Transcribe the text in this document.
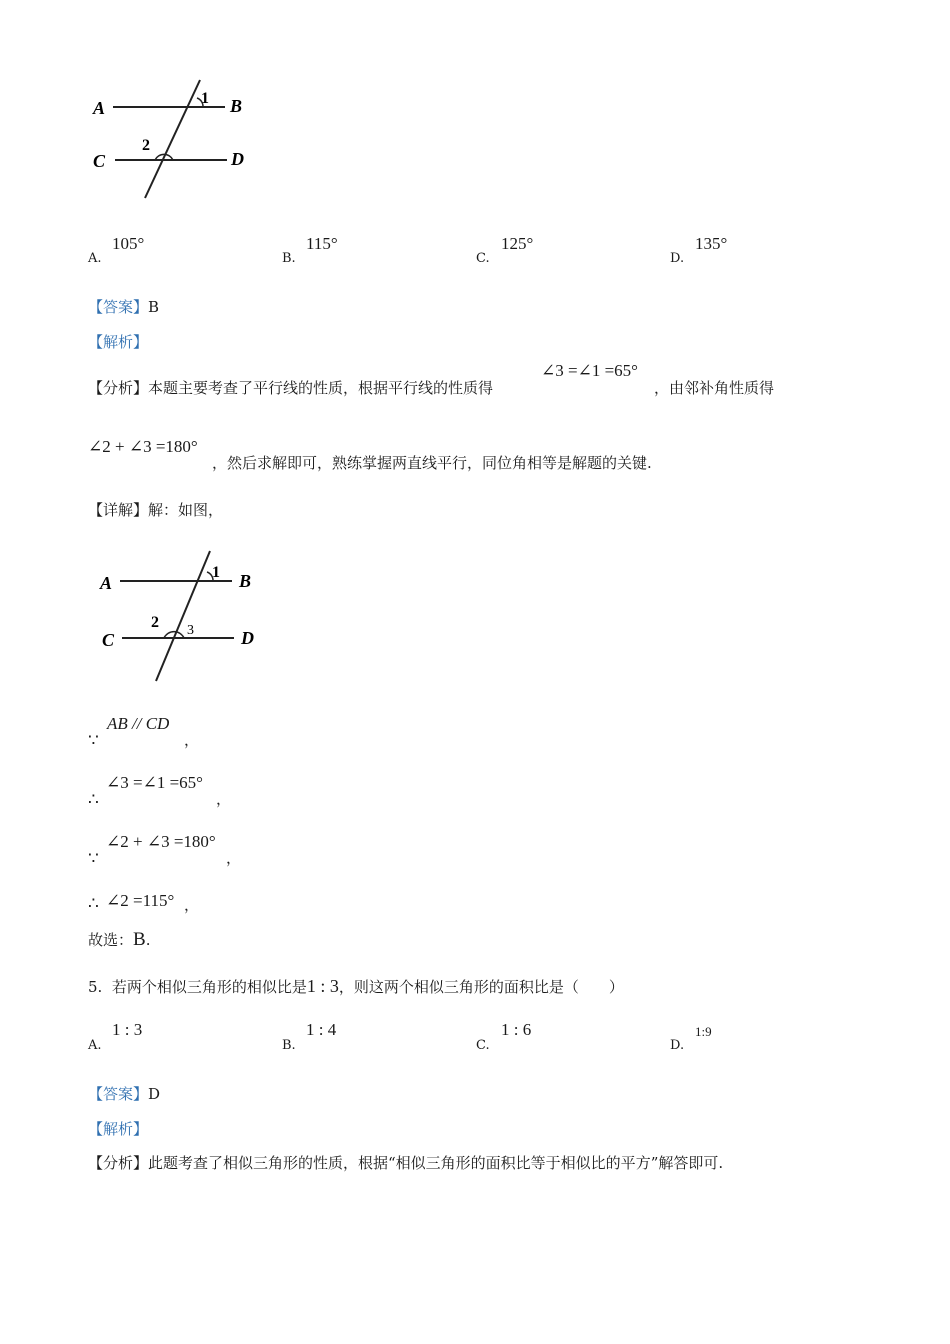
A	B
C	D
1
2
A.
105°
B.
115°
C.
125°
D.
135°
【答案】B
【解析】
【分析】本题主要考查了平行线的性质，根据平行线的性质得
∠3 =∠1 =65°
，由邻补角性质得
∠2 + ∠3 =180°
，然后求解即可，熟练掌握两直线平行，同位角相等是解题的关键.
【详解】解：如图，
A	B
C	D
1
2 3
∵
AB // CD
，
∴
∠3 =∠1 =65°
，
∵
∠2 + ∠3 =180°
，
∴ ∠2 =115° ，
故选：B.
5. 若两个相似三角形的相似比是1 : 3，则这两个相似三角形的面积比是（　　）
A.
1 : 3
B.
1 : 4
C.
1 : 6
D.
1:9
【答案】D
【解析】
【分析】此题考查了相似三角形的性质，根据“相似三角形的面积比等于相似比的平方”解答即可.
